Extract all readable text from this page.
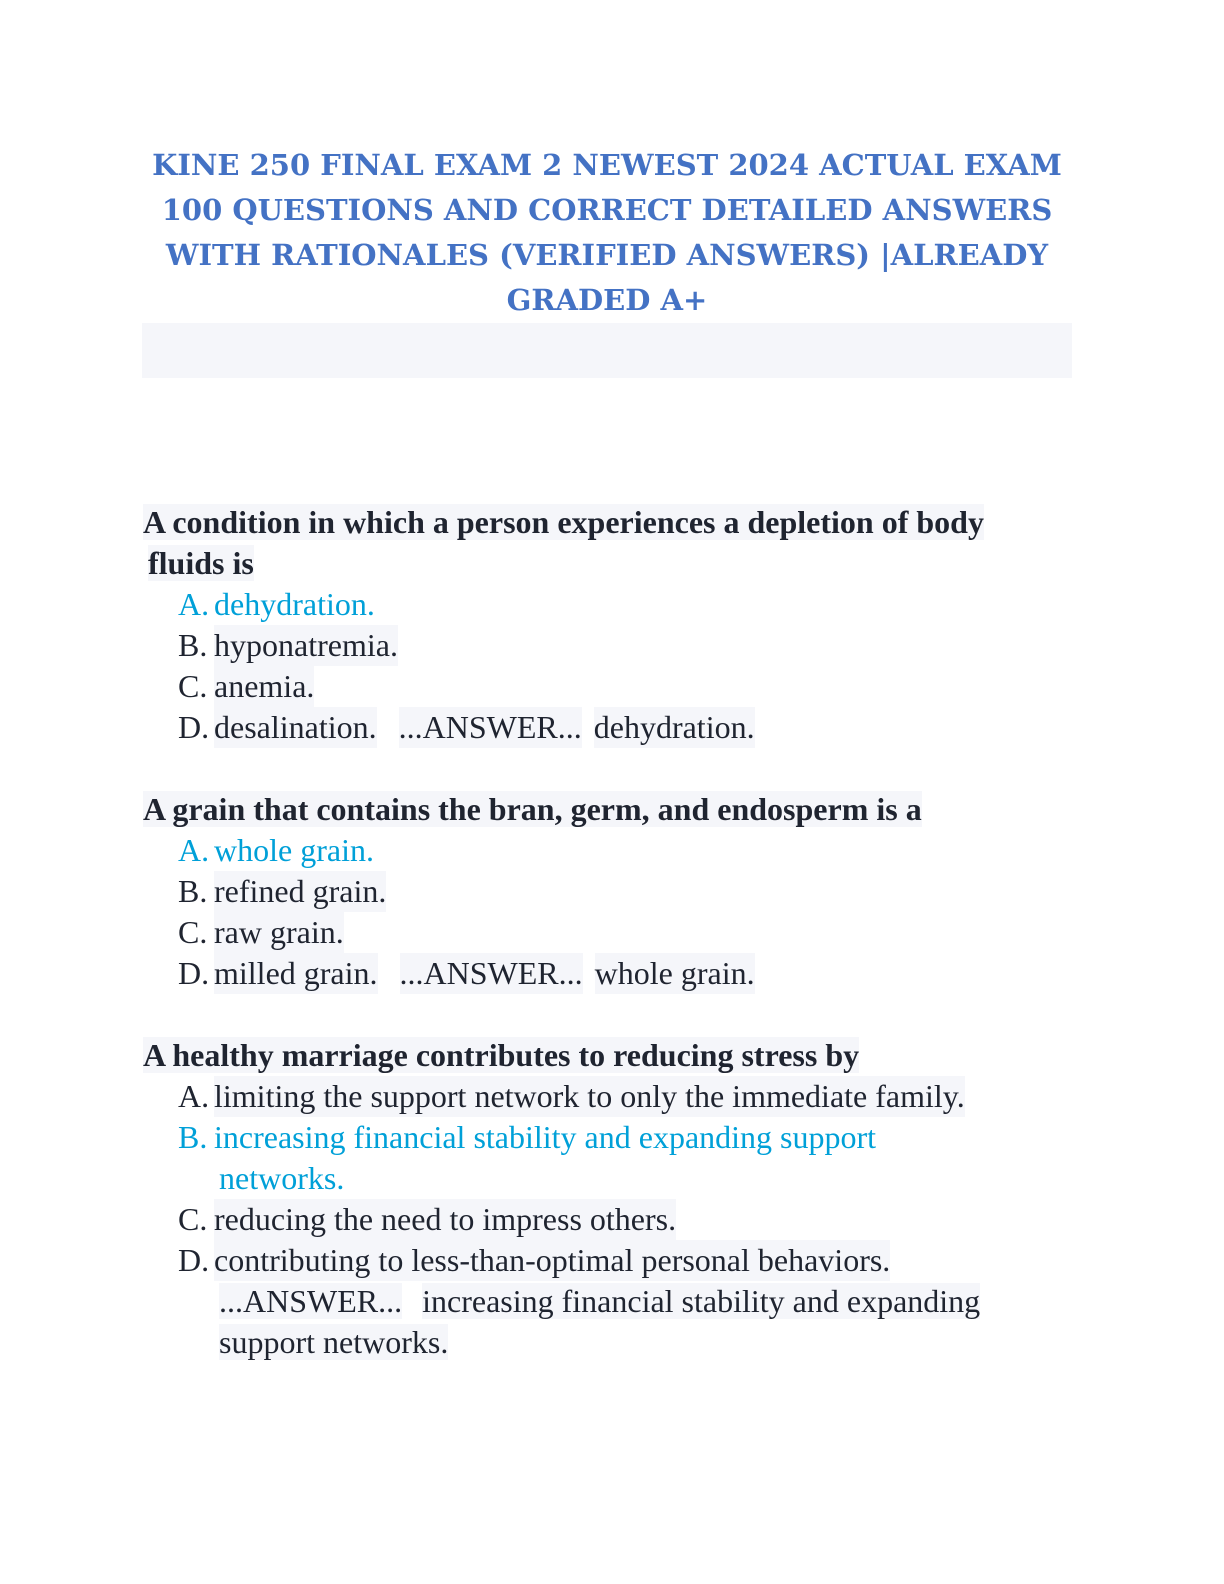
KINE 250 FINAL EXAM 2 NEWEST 2024 ACTUAL EXAM
100 QUESTIONS AND CORRECT DETAILED ANSWERS
WITH RATIONALES (VERIFIED ANSWERS) |ALREADY
GRADED A+
A condition in which a person experiences a depletion of body
fluids is
A. dehydration.
B. hyponatremia.
C. anemia.
D. desalination. ...ANSWER... dehydration.
A grain that contains the bran, germ, and endosperm is a
A. whole grain.
B. refined grain.
C. raw grain.
D. milled grain. ...ANSWER... whole grain.
A healthy marriage contributes to reducing stress by
A. limiting the support network to only the immediate family.
B. increasing financial stability and expanding support
networks.
C. reducing the need to impress others.
D. contributing to less-than-optimal personal behaviors.
...ANSWER... increasing financial stability and expanding
support networks.
